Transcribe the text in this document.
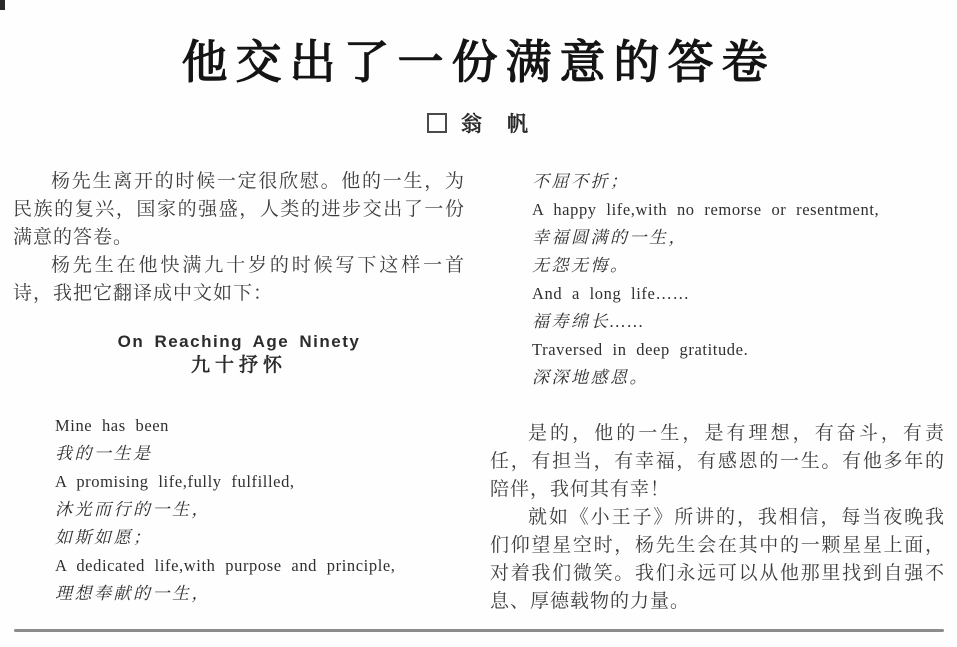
他交出了一份满意的答卷
翁　帆

杨先生离开的时候一定很欣慰。他的一生，为民族的复兴，国家的强盛，人类的进步交出了一份满意的答卷。

杨先生在他快满九十岁的时候写下这样一首诗，我把它翻译成中文如下：

On Reaching Age Ninety
九十抒怀
Mine has been
我的一生是
A promising life,fully fulfilled,
沐光而行的一生，
如斯如愿；
A dedicated life,with purpose and principle,
理想奉献的一生，
不屈不折；
A happy life,with no remorse or resentment,
幸福圆满的一生，
无怨无悔。
And a long life……
福寿绵长……
Traversed in deep gratitude.
深深地感恩。

是的，他的一生，是有理想，有奋斗，有责任，有担当，有幸福，有感恩的一生。有他多年的陪伴，我何其有幸！

就如《小王子》所讲的，我相信，每当夜晚我们仰望星空时，杨先生会在其中的一颗星星上面，对着我们微笑。我们永远可以从他那里找到自强不息、厚德载物的力量。
